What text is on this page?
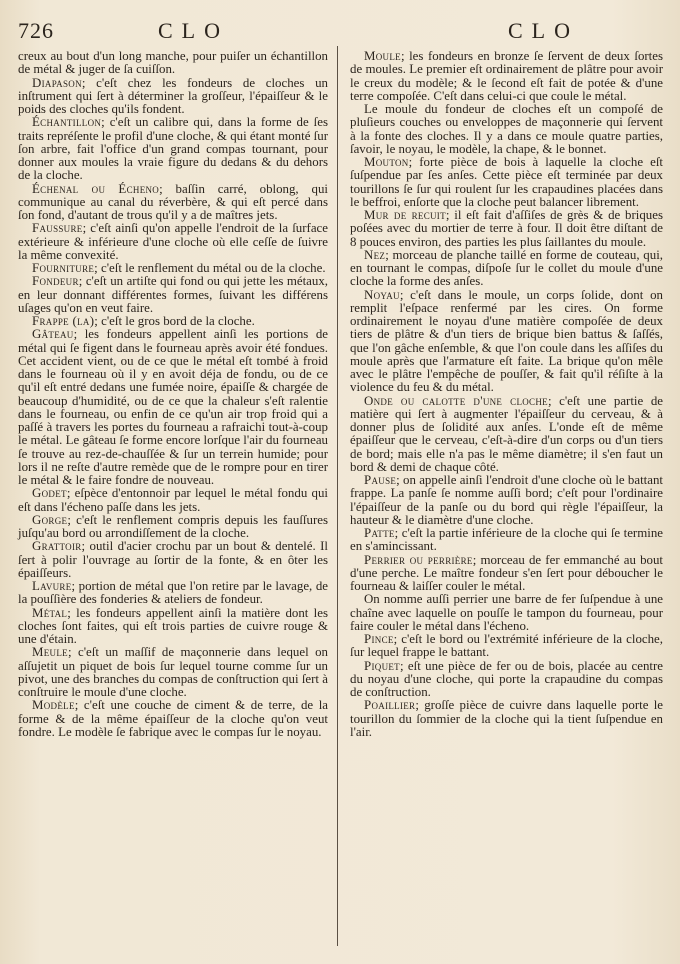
726	CLO	CLO

creux au bout d'un long manche, pour puiſer un échantillon de métal & juger de ſa cuiſſon.

Diapason; c'eſt chez les fondeurs de cloches un inſtrument qui ſert à déterminer la groſſeur, l'épaiſſeur & le poids des cloches qu'ils fondent.

Échantillon; c'eſt un calibre qui, dans la forme de ſes traits repréſente le profil d'une cloche, & qui étant monté ſur ſon arbre, fait l'office d'un grand compas tournant, pour donner aux moules la vraie figure du dedans & du dehors de la cloche.

Échenal ou Écheno; baſſin carré, oblong, qui communique au canal du réverbère, & qui eſt percé dans ſon fond, d'autant de trous qu'il y a de maîtres jets.

Faussure; c'eſt ainſi qu'on appelle l'endroit de la ſurface extérieure & inférieure d'une cloche où elle ceſſe de ſuivre la même convexité.

Fourniture; c'eſt le renflement du métal ou de la cloche.

Fondeur; c'eſt un artiſte qui fond ou qui jette les métaux, en leur donnant différentes formes, ſuivant les différens uſages qu'on en veut faire.

Frappe (la); c'eſt le gros bord de la cloche.

Gâteau; les fondeurs appellent ainſi les portions de métal qui ſe figent dans le fourneau après avoir été fondues. Cet accident vient, ou de ce que le métal eſt tombé à froid dans le fourneau où il y en avoit déja de fondu, ou de ce qu'il eſt entré dedans une fumée noire, épaiſſe & chargée de beaucoup d'humidité, ou de ce que la chaleur s'eſt ralentie dans le fourneau, ou enfin de ce qu'un air trop froid qui a paſſé à travers les portes du fourneau a rafraichi tout-à-coup le métal. Le gâteau ſe forme encore lorſque l'air du fourneau ſe trouve au rez-de-chauſſée & ſur un terrein humide; pour lors il ne reſte d'autre remède que de le rompre pour en tirer le métal & le faire fondre de nouveau.

Godet; eſpèce d'entonnoir par lequel le métal fondu qui eſt dans l'écheno paſſe dans les jets.

Gorge; c'eſt le renflement compris depuis les fauſſures juſqu'au bord ou arrondiſſement de la cloche.

Grattoir; outil d'acier crochu par un bout & dentelé. Il ſert à polir l'ouvrage au ſortir de la fonte, & en ôter les épaiſſeurs.

Lavure; portion de métal que l'on retire par le lavage, de la pouſſière des fonderies & ateliers de fondeur.

Métal; les fondeurs appellent ainſi la matière dont les cloches ſont faites, qui eſt trois parties de cuivre rouge & une d'étain.

Meule; c'eſt un maſſif de maçonnerie dans lequel on aſſujetit un piquet de bois ſur lequel tourne comme ſur un pivot, une des branches du compas de conſtruction qui ſert à conſtruire le moule d'une cloche.

Modèle; c'eſt une couche de ciment & de terre, de la forme & de la même épaiſſeur de la cloche qu'on veut fondre. Le modèle ſe fabrique avec le compas ſur le noyau.

Moule; les fondeurs en bronze ſe ſervent de deux ſortes de moules. Le premier eſt ordinairement de plâtre pour avoir le creux du modèle; & le ſecond eſt fait de potée & d'une terre compoſée. C'eſt dans celui-ci que coule le métal.

Le moule du fondeur de cloches eſt un compoſé de pluſieurs couches ou enveloppes de maçonnerie qui ſervent à la fonte des cloches. Il y a dans ce moule quatre parties, ſavoir, le noyau, le modèle, la chape, & le bonnet.

Mouton; forte pièce de bois à laquelle la cloche eſt ſuſpendue par ſes anſes. Cette pièce eſt terminée par deux tourillons ſe ſur qui roulent ſur les crapaudines placées dans le beffroi, enſorte que la cloche peut balancer librement.

Mur de recuit; il eſt fait d'aſſiſes de grès & de briques poſées avec du mortier de terre à four. Il doit être diſtant de 8 pouces environ, des parties les plus ſaillantes du moule.

Nez; morceau de planche taillé en forme de couteau, qui, en tournant le compas, diſpoſe ſur le collet du moule d'une cloche la forme des anſes.

Noyau; c'eſt dans le moule, un corps ſolide, dont on remplit l'eſpace renfermé par les cires. On forme ordinairement le noyau d'une matière compoſée de deux tiers de plâtre & d'un tiers de brique bien battus & ſaſſés, que l'on gâche enſemble, & que l'on coule dans les aſſiſes du moule après que l'armature eſt faite. La brique qu'on mêle avec le plâtre l'empêche de pouſſer, & fait qu'il réſiſte à la violence du feu & du métal.

Onde ou calotte d'une cloche; c'eſt une partie de matière qui ſert à augmenter l'épaiſſeur du cerveau, & à donner plus de ſolidité aux anſes. L'onde eſt de même épaiſſeur que le cerveau, c'eſt-à-dire d'un corps ou d'un tiers de bord; mais elle n'a pas le même diamètre; il s'en faut un bord & demi de chaque côté.

Pause; on appelle ainſi l'endroit d'une cloche où le battant frappe. La panſe ſe nomme auſſi bord; c'eſt pour l'ordinaire l'épaiſſeur de la panſe ou du bord qui règle l'épaiſſeur, la hauteur & le diamètre d'une cloche.

Patte; c'eſt la partie inférieure de la cloche qui ſe termine en s'amincissant.

Perrier ou perrière; morceau de fer emmanché au bout d'une perche. Le maître fondeur s'en ſert pour déboucher le fourneau & laiſſer couler le métal.

On nomme auſſi perrier une barre de fer ſuſpendue à une chaîne avec laquelle on pouſſe le tampon du fourneau, pour faire couler le métal dans l'écheno.

Pince; c'eſt le bord ou l'extrémité inférieure de la cloche, ſur lequel frappe le battant.

Piquet; eſt une pièce de fer ou de bois, placée au centre du noyau d'une cloche, qui porte la crapaudine du compas de conſtruction.

Poaillier; groſſe pièce de cuivre dans laquelle porte le tourillon du ſommier de la cloche qui la tient ſuſpendue en l'air.
